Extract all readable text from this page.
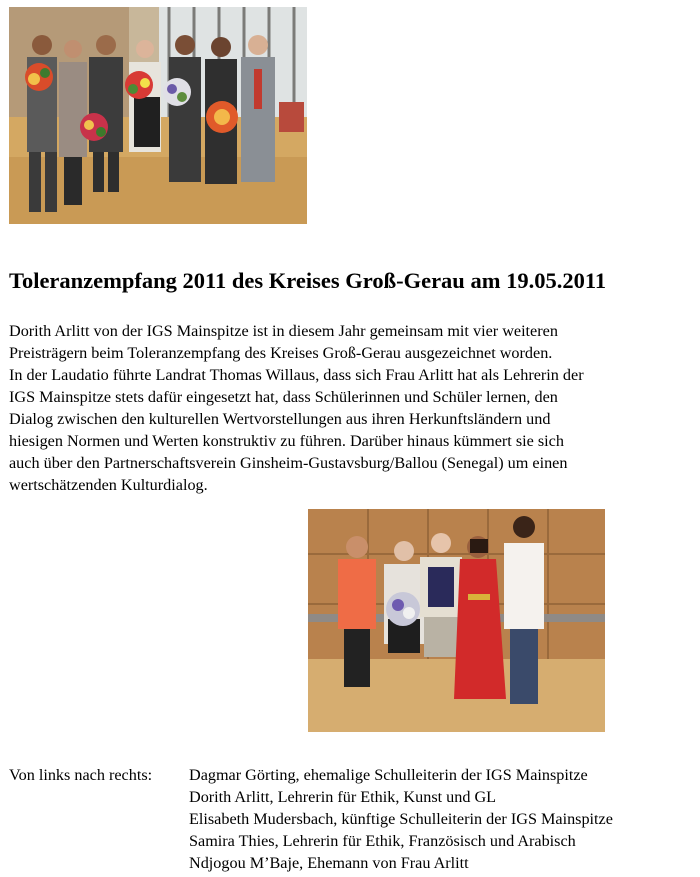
Toleranzempfang 2011 des Kreises Groß-Gerau am 19.05.2011
Dorith Arlitt von der IGS Mainspitze ist in diesem Jahr gemeinsam mit vier weiteren
Preisträgern beim Toleranzempfang des Kreises Groß-Gerau ausgezeichnet worden.
In der Laudatio führte Landrat Thomas Willaus, dass sich Frau Arlitt hat als Lehrerin der
IGS Mainspitze stets dafür eingesetzt hat, dass Schülerinnen und Schüler lernen, den
Dialog zwischen den kulturellen Wertvorstellungen aus ihren Herkunftsländern und
hiesigen Normen und Werten konstruktiv zu führen. Darüber hinaus kümmert sie sich
auch über den Partnerschaftsverein Ginsheim-Gustavsburg/Ballou (Senegal) um einen
wertschätzenden Kulturdialog.
Von links nach rechts: Dagmar Görting, ehemalige Schulleiterin der IGS Mainspitze
Dorith Arlitt, Lehrerin für Ethik, Kunst und GL
Elisabeth Mudersbach, künftige Schulleiterin der IGS Mainspitze
Samira Thies, Lehrerin für Ethik, Französisch und Arabisch
Ndjogou M’Baje, Ehemann von Frau Arlitt
